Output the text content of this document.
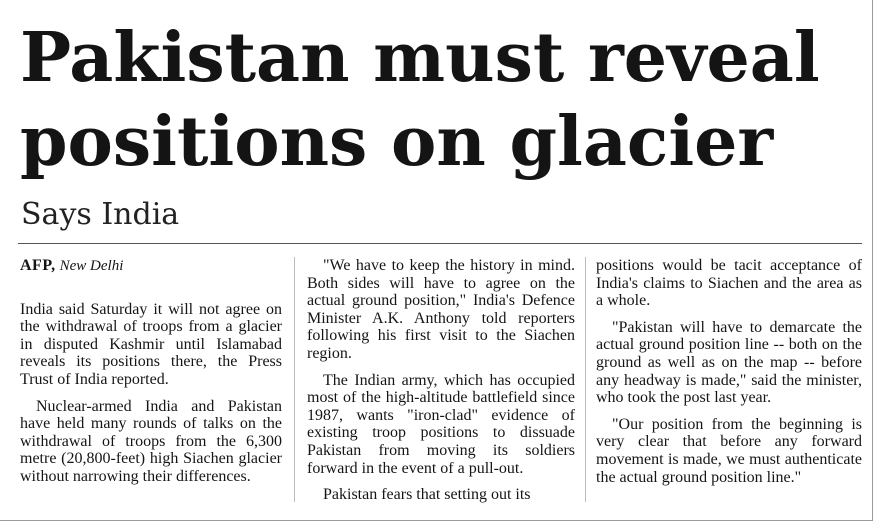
Pakistan must reveal
positions on glacier
Says India
AFP, New Delhi

India said Saturday it will not agree on the withdrawal of troops from a glacier in disputed Kashmir until Islamabad reveals its positions there, the Press Trust of India reported.

Nuclear-armed India and Pakistan have held many rounds of talks on the withdrawal of troops from the 6,300 metre (20,800-feet) high Siachen glacier without narrowing their differences.

"We have to keep the history in mind. Both sides will have to agree on the actual ground position," India's Defence Minister A.K. Anthony told reporters following his first visit to the Siachen region.

The Indian army, which has occupied most of the high-altitude battlefield since 1987, wants "iron-clad" evidence of existing troop positions to dissuade Pakistan from moving its soldiers forward in the event of a pull-out.

Pakistan fears that setting out its

positions would be tacit acceptance of India's claims to Siachen and the area as a whole.

"Pakistan will have to demarcate the actual ground position line -- both on the ground as well as on the map -- before any headway is made," said the minister, who took the post last year.

"Our position from the beginning is very clear that before any forward movement is made, we must authenticate the actual ground position line."
